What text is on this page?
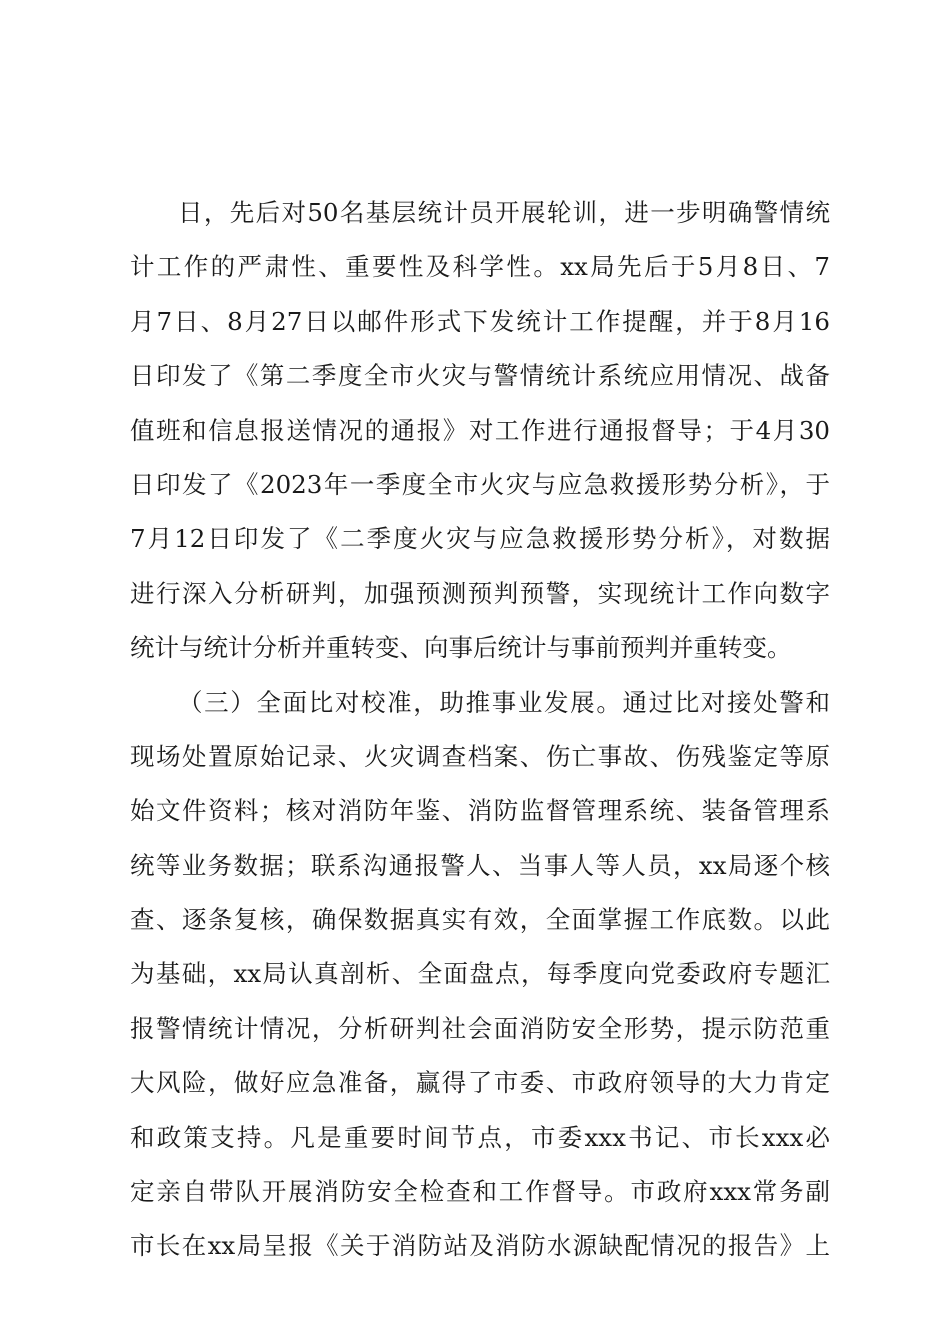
日，先后对50名基层统计员开展轮训，进一步明确警情统
计工作的严肃性、重要性及科学性。xx局先后于5月8日、7
月7日、8月27日以邮件形式下发统计工作提醒，并于8月16
日印发了《第二季度全市火灾与警情统计系统应用情况、战备
值班和信息报送情况的通报》对工作进行通报督导；于4月30
日印发了《2023年一季度全市火灾与应急救援形势分析》，于
7月12日印发了《二季度火灾与应急救援形势分析》，对数据
进行深入分析研判，加强预测预判预警，实现统计工作向数字
统计与统计分析并重转变、向事后统计与事前预判并重转变。
（三）全面比对校准，助推事业发展。通过比对接处警和
现场处置原始记录、火灾调查档案、伤亡事故、伤残鉴定等原
始文件资料；核对消防年鉴、消防监督管理系统、装备管理系
统等业务数据；联系沟通报警人、当事人等人员，xx局逐个核
查、逐条复核，确保数据真实有效，全面掌握工作底数。以此
为基础，xx局认真剖析、全面盘点，每季度向党委政府专题汇
报警情统计情况，分析研判社会面消防安全形势，提示防范重
大风险，做好应急准备，赢得了市委、市政府领导的大力肯定
和政策支持。凡是重要时间节点，市委xxx书记、市长xxx必
定亲自带队开展消防安全检查和工作督导。市政府xxx常务副
市长在xx局呈报《关于消防站及消防水源缺配情况的报告》上
